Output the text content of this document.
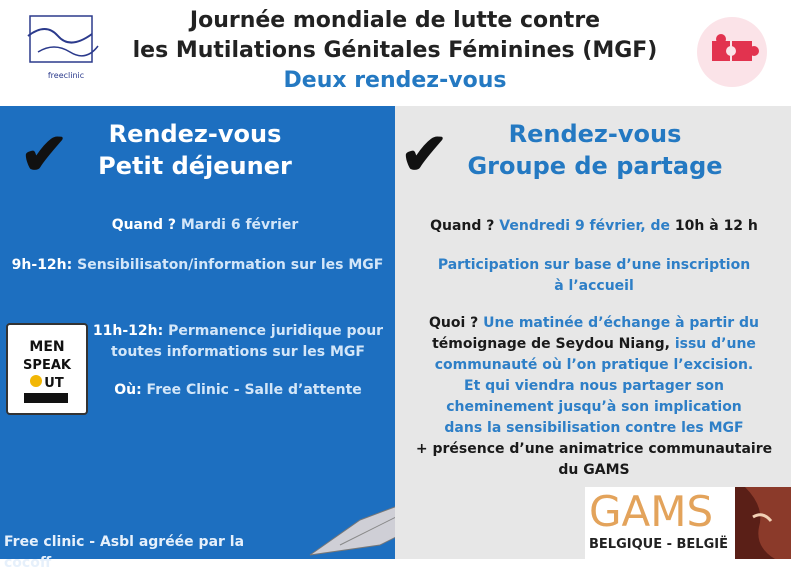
freeclinic
Journée mondiale de lutte contre
les Mutilations Génitales Féminines (MGF)
Deux rendez-vous
✔	Rendez-vous
Petit déjeuner
Quand ? Mardi 6 février
9h-12h: Sensibilisaton/information sur les MGF
MEN
SPEAK
UT
11h-12h: Permanence juridique pour
toutes informations sur les MGF
Où: Free Clinic - Salle d’attente
Free clinic - Asbl agréée par la cocoff
✔	Rendez-vous
Groupe de partage
Quand ? Vendredi 9 février, de 10h à 12 h
Participation sur base d’une inscription
à l’accueil
Quoi ? Une matinée d’échange à partir du
témoignage de Seydou Niang, issu d’une
communauté où l’on pratique l’excision.
Et qui viendra nous partager son
cheminement jusqu’à son implication
dans la sensibilisation contre les MGF
+ présence d’une animatrice communautaire
du GAMS
GAMS
BELGIQUE - BELGIË
